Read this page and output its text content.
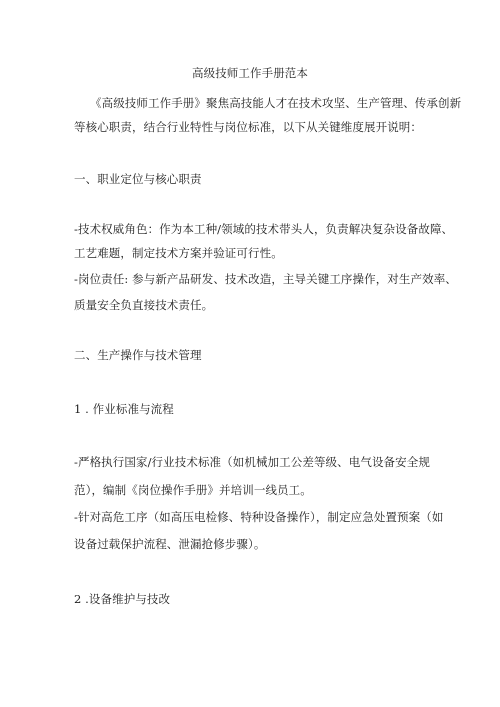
高级技师工作手册范本
《高级技师工作手册》聚焦高技能人才在技术攻坚、生产管理、传承创新
等核心职责，结合行业特性与岗位标准，以下从关键维度展开说明：
一、职业定位与核心职责
-技术权威角色：作为本工种/领域的技术带头人，负责解决复杂设备故障、
工艺难题，制定技术方案并验证可行性。
-岗位责任: 参与新产品研发、技术改造，主导关键工序操作，对生产效率、
质量安全负直接技术责任。
二、生产操作与技术管理
1 . 作业标准与流程
-严格执行国家/行业技术标准（如机械加工公差等级、电气设备安全规
范），编制《岗位操作手册》并培训一线员工。
-针对高危工序（如高压电检修、特种设备操作），制定应急处置预案（如
设备过载保护流程、泄漏抢修步骤）。
2 .设备维护与技改
